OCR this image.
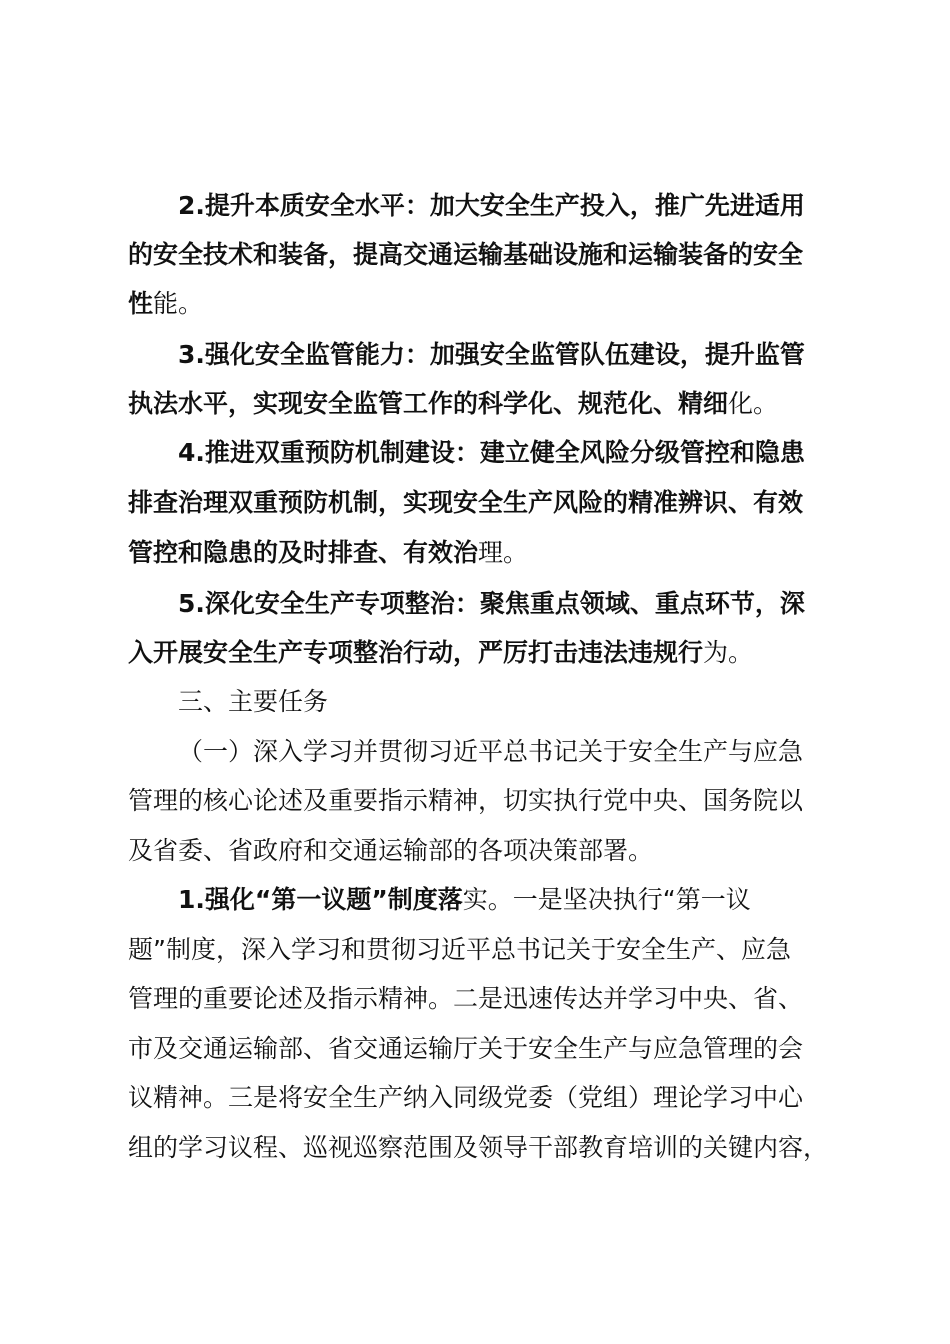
2.提升本质安全水平：加大安全生产投入，推广先进适用
的安全技术和装备，提高交通运输基础设施和运输装备的安全
性能。
3.强化安全监管能力：加强安全监管队伍建设，提升监管
执法水平，实现安全监管工作的科学化、规范化、精细化。
4.推进双重预防机制建设：建立健全风险分级管控和隐患
排查治理双重预防机制，实现安全生产风险的精准辨识、有效
管控和隐患的及时排查、有效治理。
5.深化安全生产专项整治：聚焦重点领域、重点环节，深
入开展安全生产专项整治行动，严厉打击违法违规行为。
三、主要任务
（一）深入学习并贯彻习近平总书记关于安全生产与应急
管理的核心论述及重要指示精神，切实执行党中央、国务院以
及省委、省政府和交通运输部的各项决策部署。
1.强化“第一议题”制度落实。一是坚决执行“第一议
题”制度，深入学习和贯彻习近平总书记关于安全生产、应急
管理的重要论述及指示精神。二是迅速传达并学习中央、省、
市及交通运输部、省交通运输厅关于安全生产与应急管理的会
议精神。三是将安全生产纳入同级党委（党组）理论学习中心
组的学习议程、巡视巡察范围及领导干部教育培训的关键内容，
